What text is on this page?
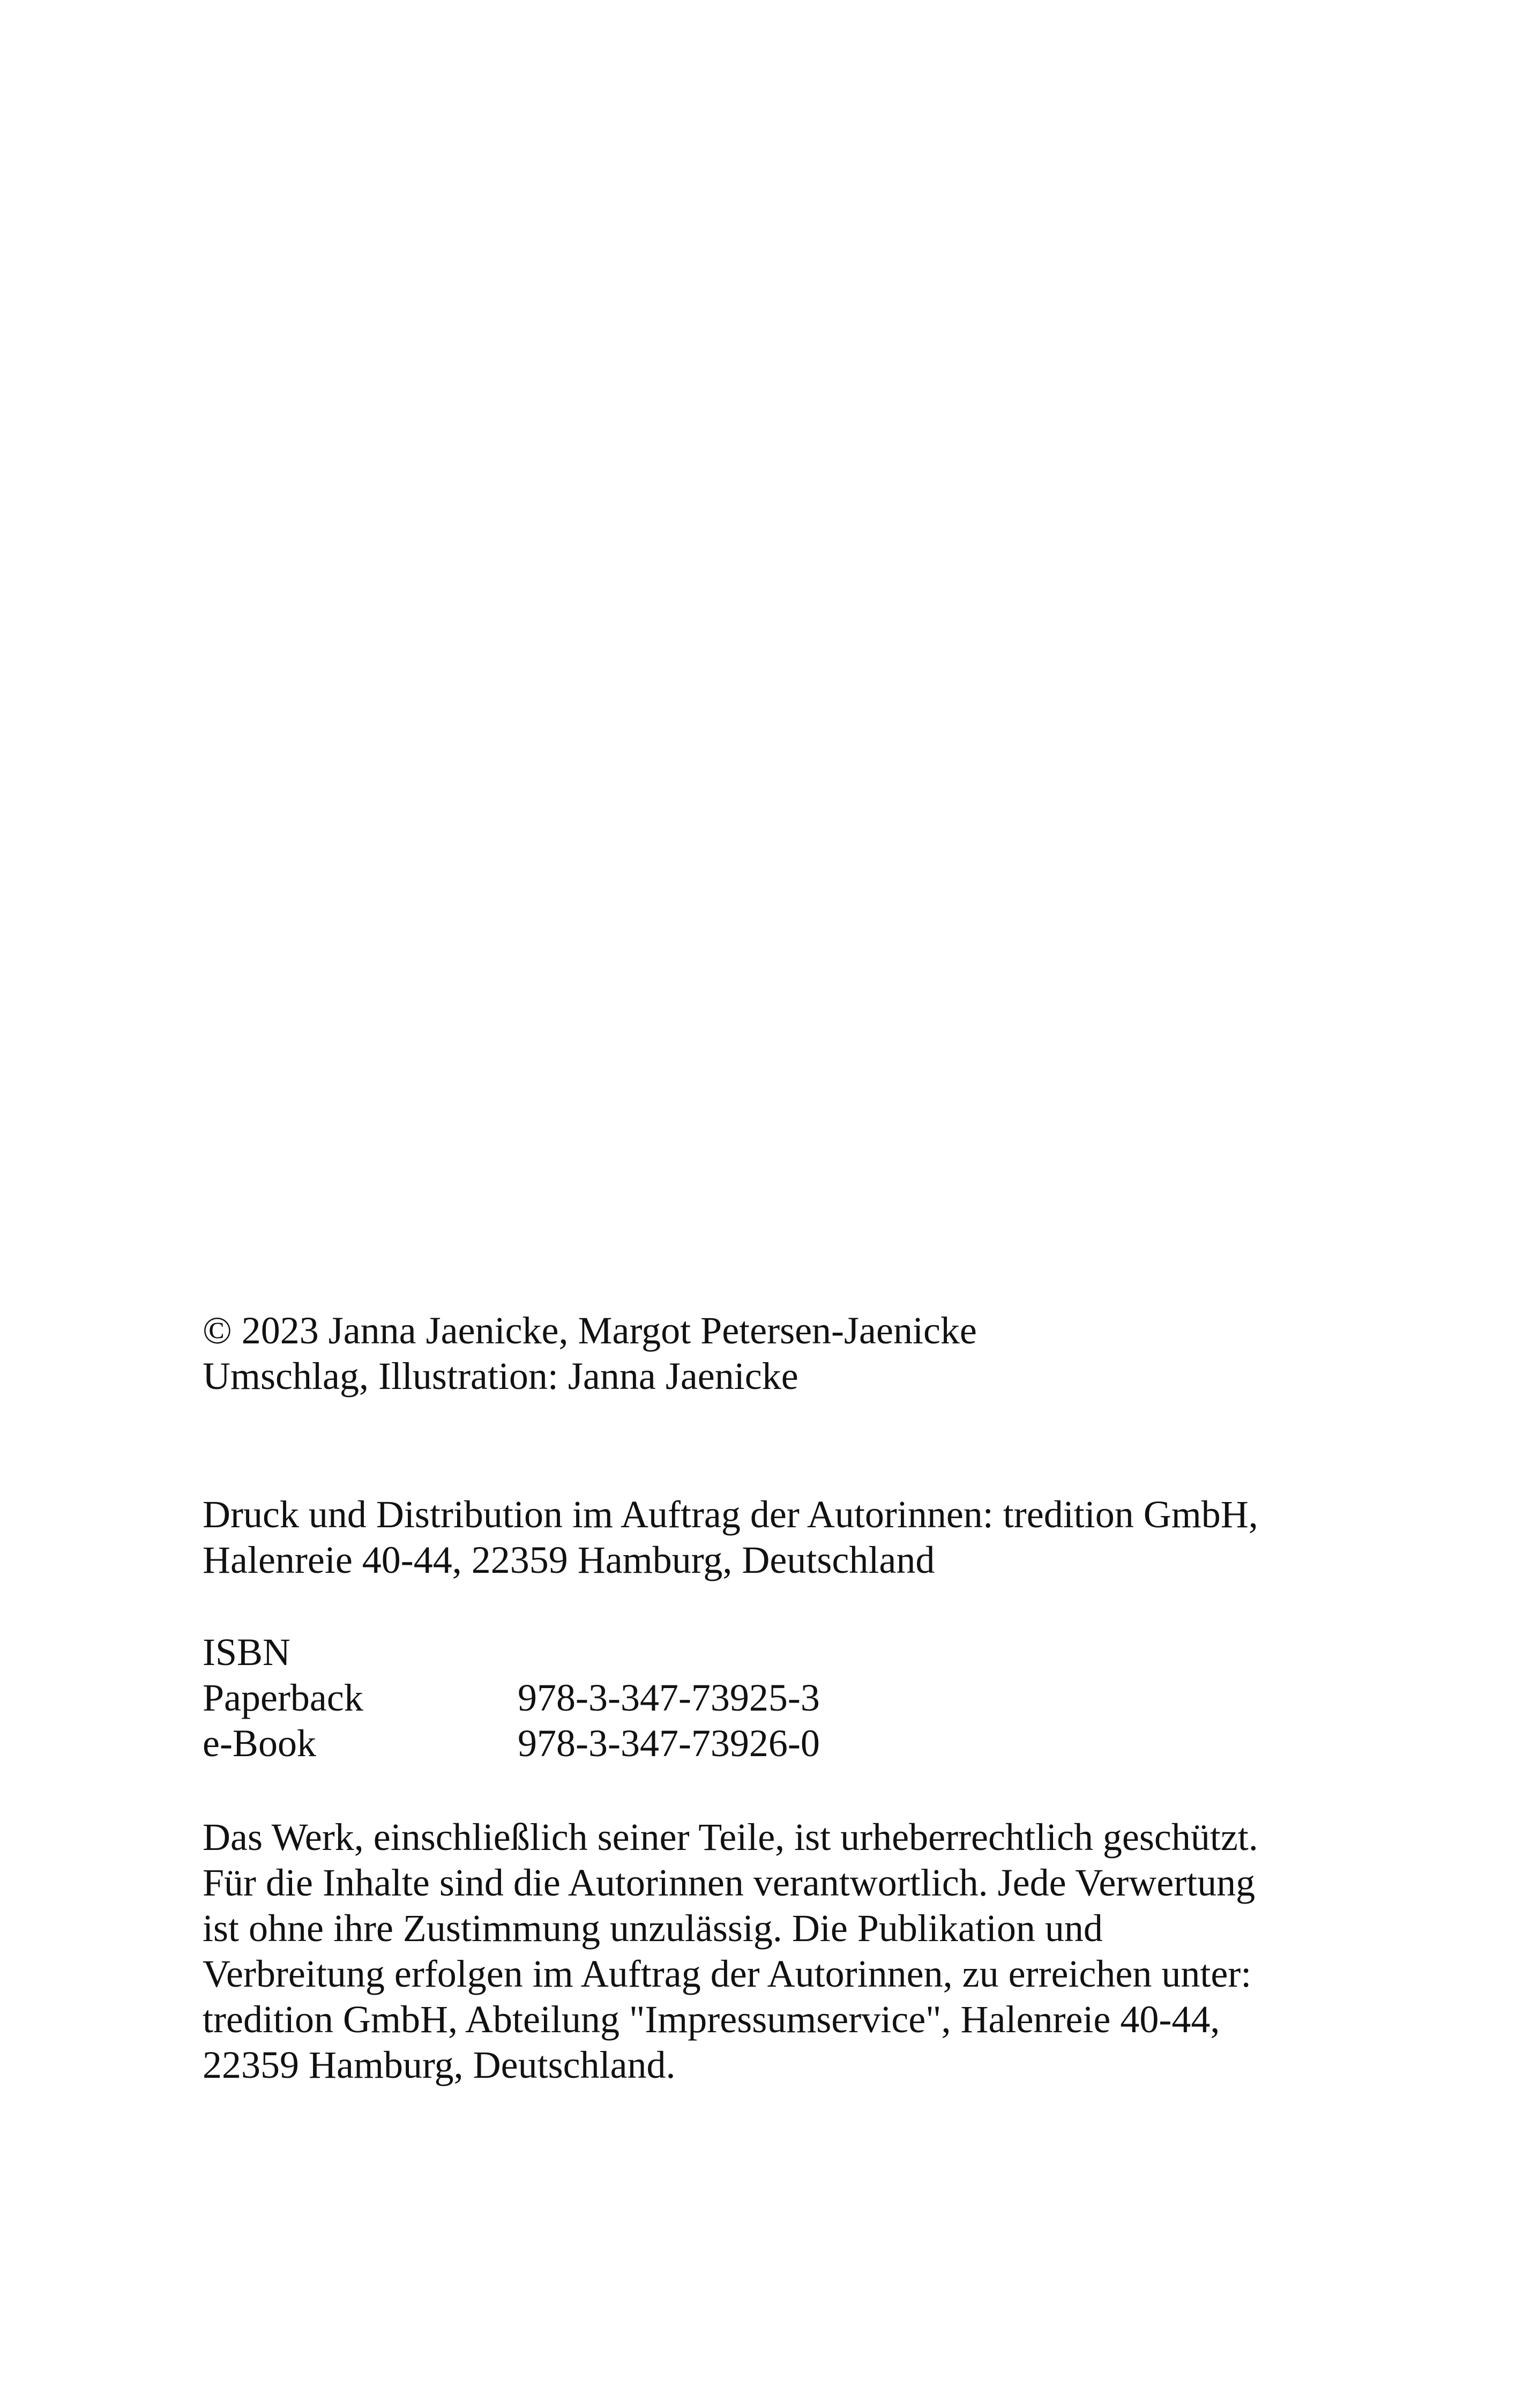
© 2023 Janna Jaenicke, Margot Petersen-Jaenicke
Umschlag, Illustration: Janna Jaenicke
Druck und Distribution im Auftrag der Autorinnen: tredition GmbH,
Halenreie 40-44, 22359 Hamburg, Deutschland
ISBN
Paperback	978-3-347-73925-3
e-Book	978-3-347-73926-0
Das Werk, einschließlich seiner Teile, ist urheberrechtlich geschützt.
Für die Inhalte sind die Autorinnen verantwortlich. Jede Verwertung
ist ohne ihre Zustimmung unzulässig. Die Publikation und
Verbreitung erfolgen im Auftrag der Autorinnen, zu erreichen unter:
tredition GmbH, Abteilung "Impressumservice", Halenreie 40-44,
22359 Hamburg, Deutschland.
